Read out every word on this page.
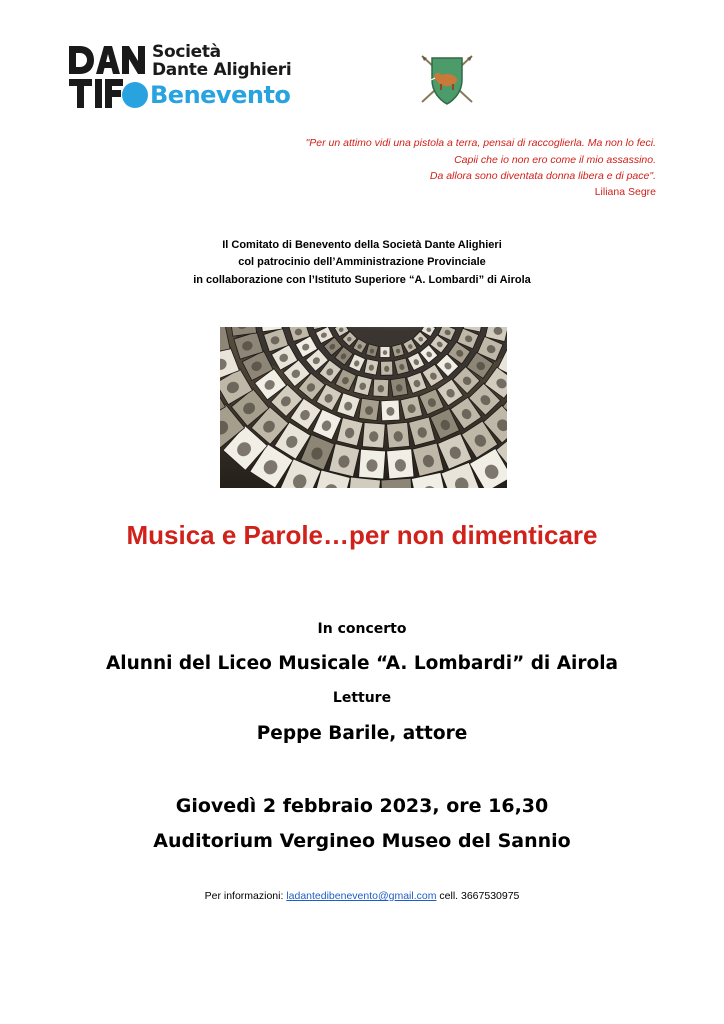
Società
Dante Alighieri
Benevento
"Per un attimo vidi una pistola a terra, pensai di raccoglierla. Ma non lo feci.
Capii che io non ero come il mio assassino.
Da allora sono diventata donna libera e di pace".
Liliana Segre
Il Comitato di Benevento della Società Dante Alighieri
col patrocinio dell’Amministrazione Provinciale
in collaborazione con l’Istituto Superiore “A. Lombardi” di Airola
Musica e Parole…per non dimenticare
In concerto
Alunni del Liceo Musicale “A. Lombardi” di Airola
Letture
Peppe Barile, attore
Giovedì 2 febbraio 2023, ore 16,30
Auditorium Vergineo Museo del Sannio
Per informazioni: ladantedibenevento@gmail.com cell. 3667530975
